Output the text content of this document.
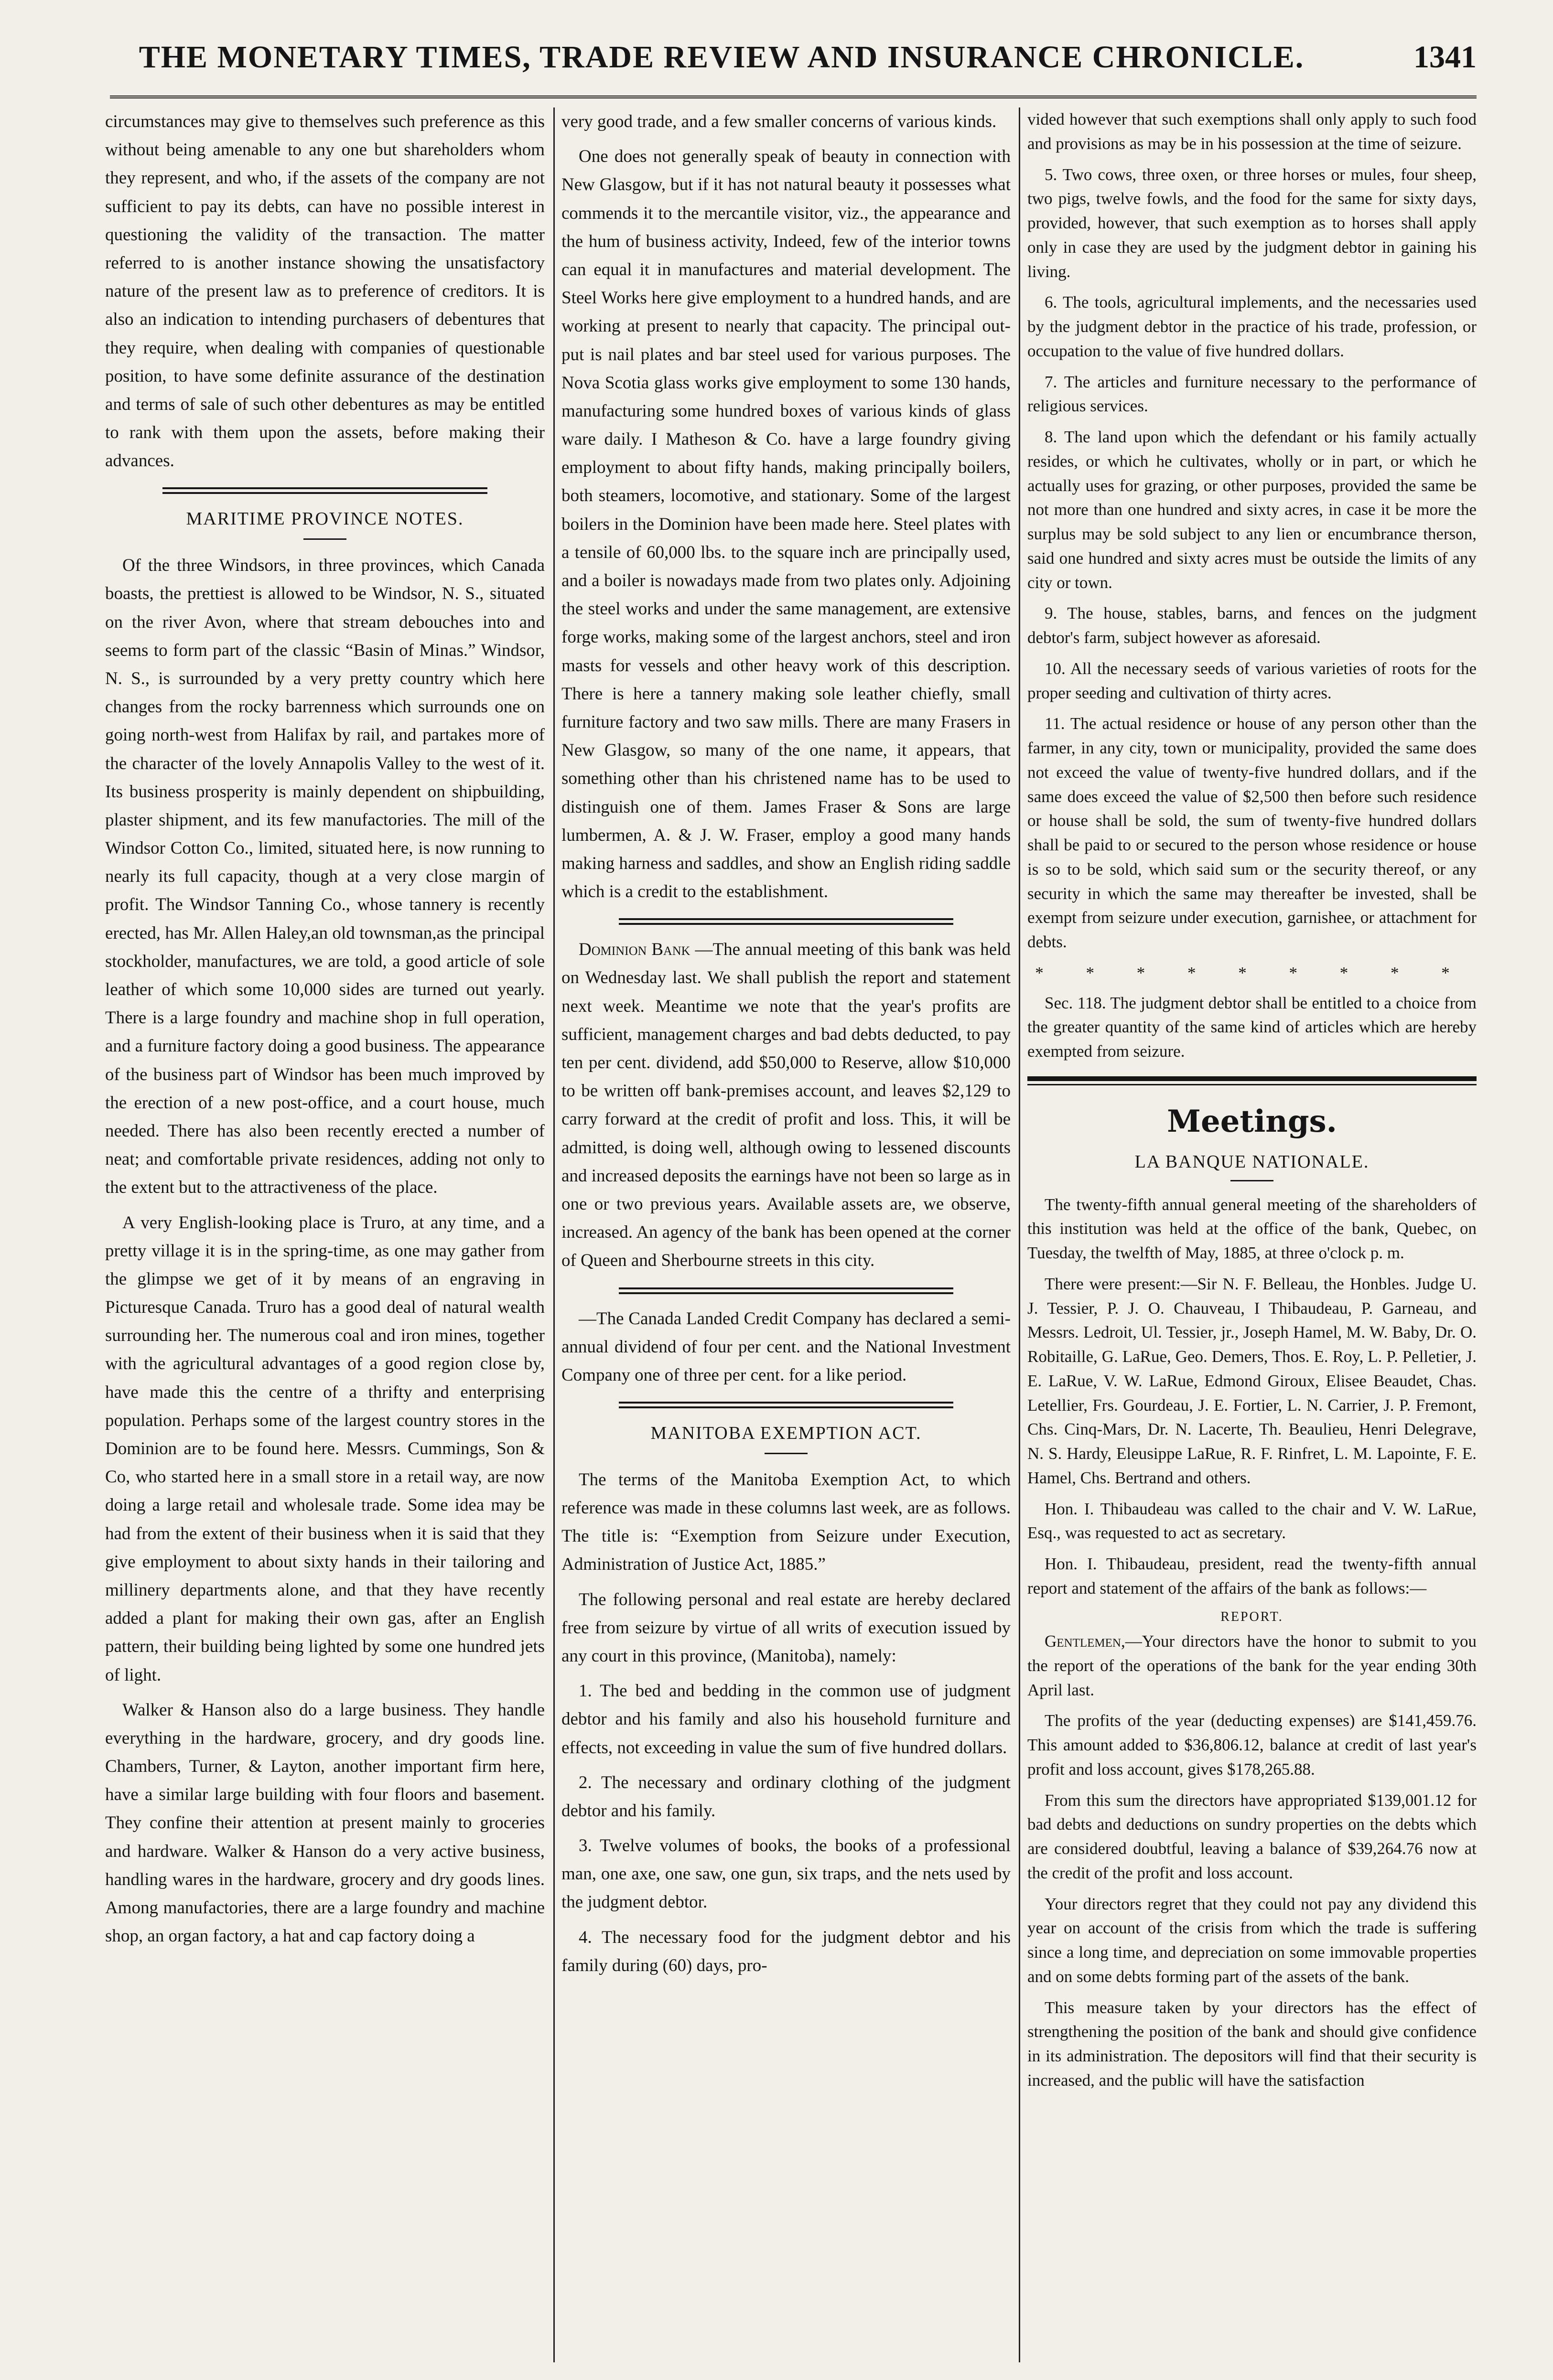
THE MONETARY TIMES, TRADE REVIEW AND INSURANCE CHRONICLE.	1341

circumstances may give to themselves such preference as this without being amenable to any one but shareholders whom they represent, and who, if the assets of the company are not sufficient to pay its debts, can have no possible interest in questioning the validity of the transaction. The matter referred to is another instance showing the unsatisfactory nature of the present law as to preference of creditors. It is also an indication to intending purchasers of debentures that they require, when dealing with companies of questionable position, to have some definite assurance of the destination and terms of sale of such other debentures as may be entitled to rank with them upon the assets, before making their advances.

MARITIME PROVINCE NOTES.

Of the three Windsors, in three provinces, which Canada boasts, the prettiest is allowed to be Windsor, N. S., situated on the river Avon, where that stream debouches into and seems to form part of the classic “Basin of Minas.” Windsor, N. S., is surrounded by a very pretty country which here changes from the rocky barrenness which surrounds one on going north-west from Halifax by rail, and partakes more of the character of the lovely Annapolis Valley to the west of it. Its business prosperity is mainly dependent on shipbuilding, plaster shipment, and its few manufactories. The mill of the Windsor Cotton Co., limited, situated here, is now running to nearly its full capacity, though at a very close margin of profit. The Windsor Tanning Co., whose tannery is recently erected, has Mr. Allen Haley,an old townsman,as the principal stockholder, manufactures, we are told, a good article of sole leather of which some 10,000 sides are turned out yearly. There is a large foundry and machine shop in full operation, and a furniture factory doing a good business. The appearance of the business part of Windsor has been much improved by the erection of a new post-office, and a court house, much needed. There has also been recently erected a number of neat; and comfortable private residences, adding not only to the extent but to the attractiveness of the place.

A very English-looking place is Truro, at any time, and a pretty village it is in the spring-time, as one may gather from the glimpse we get of it by means of an engraving in Picturesque Canada. Truro has a good deal of natural wealth surrounding her. The numerous coal and iron mines, together with the agricultural advantages of a good region close by, have made this the centre of a thrifty and enterprising population. Perhaps some of the largest country stores in the Dominion are to be found here. Messrs. Cummings, Son & Co, who started here in a small store in a retail way, are now doing a large retail and wholesale trade. Some idea may be had from the extent of their business when it is said that they give employment to about sixty hands in their tailoring and millinery departments alone, and that they have recently added a plant for making their own gas, after an English pattern, their building being lighted by some one hundred jets of light.

Walker & Hanson also do a large business. They handle everything in the hardware, grocery, and dry goods line. Chambers, Turner, & Layton, another important firm here, have a similar large building with four floors and basement. They confine their attention at present mainly to groceries and hardware. Walker & Hanson do a very active business, handling wares in the hardware, grocery and dry goods lines. Among manufactories, there are a large foundry and machine shop, an organ factory, a hat and cap factory doing a

very good trade, and a few smaller concerns of various kinds.

One does not generally speak of beauty in connection with New Glasgow, but if it has not natural beauty it possesses what commends it to the mercantile visitor, viz., the appearance and the hum of business activity, Indeed, few of the interior towns can equal it in manufactures and material development. The Steel Works here give employment to a hundred hands, and are working at present to nearly that capacity. The principal out-put is nail plates and bar steel used for various purposes. The Nova Scotia glass works give employment to some 130 hands, manufacturing some hundred boxes of various kinds of glass ware daily. I Matheson & Co. have a large foundry giving employment to about fifty hands, making principally boilers, both steamers, locomotive, and stationary. Some of the largest boilers in the Dominion have been made here. Steel plates with a tensile of 60,000 lbs. to the square inch are principally used, and a boiler is nowadays made from two plates only. Adjoining the steel works and under the same management, are extensive forge works, making some of the largest anchors, steel and iron masts for vessels and other heavy work of this description. There is here a tannery making sole leather chiefly, small furniture factory and two saw mills. There are many Frasers in New Glasgow, so many of the one name, it appears, that something other than his christened name has to be used to distinguish one of them. James Fraser & Sons are large lumbermen, A. & J. W. Fraser, employ a good many hands making harness and saddles, and show an English riding saddle which is a credit to the establishment.

Dominion Bank —The annual meeting of this bank was held on Wednesday last. We shall publish the report and statement next week. Meantime we note that the year's profits are sufficient, management charges and bad debts deducted, to pay ten per cent. dividend, add $50,000 to Reserve, allow $10,000 to be written off bank-premises account, and leaves $2,129 to carry forward at the credit of profit and loss. This, it will be admitted, is doing well, although owing to lessened discounts and increased deposits the earnings have not been so large as in one or two previous years. Available assets are, we observe, increased. An agency of the bank has been opened at the corner of Queen and Sherbourne streets in this city.

—The Canada Landed Credit Company has declared a semi-annual dividend of four per cent. and the National Investment Company one of three per cent. for a like period.

MANITOBA EXEMPTION ACT.

The terms of the Manitoba Exemption Act, to which reference was made in these columns last week, are as follows. The title is: “Exemption from Seizure under Execution, Administration of Justice Act, 1885.”

The following personal and real estate are hereby declared free from seizure by virtue of all writs of execution issued by any court in this province, (Manitoba), namely:

1. The bed and bedding in the common use of judgment debtor and his family and also his household furniture and effects, not exceeding in value the sum of five hundred dollars.

2. The necessary and ordinary clothing of the judgment debtor and his family.

3. Twelve volumes of books, the books of a professional man, one axe, one saw, one gun, six traps, and the nets used by the judgment debtor.

4. The necessary food for the judgment debtor and his family during (60) days, pro-

vided however that such exemptions shall only apply to such food and provisions as may be in his possession at the time of seizure.

5. Two cows, three oxen, or three horses or mules, four sheep, two pigs, twelve fowls, and the food for the same for sixty days, provided, however, that such exemption as to horses shall apply only in case they are used by the judgment debtor in gaining his living.

6. The tools, agricultural implements, and the necessaries used by the judgment debtor in the practice of his trade, profession, or occupation to the value of five hundred dollars.

7. The articles and furniture necessary to the performance of religious services.

8. The land upon which the defendant or his family actually resides, or which he cultivates, wholly or in part, or which he actually uses for grazing, or other purposes, provided the same be not more than one hundred and sixty acres, in case it be more the surplus may be sold subject to any lien or encumbrance therson, said one hundred and sixty acres must be outside the limits of any city or town.

9. The house, stables, barns, and fences on the judgment debtor's farm, subject however as aforesaid.

10. All the necessary seeds of various varieties of roots for the proper seeding and cultivation of thirty acres.

11. The actual residence or house of any person other than the farmer, in any city, town or municipality, provided the same does not exceed the value of twenty-five hundred dollars, and if the same does exceed the value of $2,500 then before such residence or house shall be sold, the sum of twenty-five hundred dollars shall be paid to or secured to the person whose residence or house is so to be sold, which said sum or the security thereof, or any security in which the same may thereafter be invested, shall be exempt from seizure under execution, garnishee, or attachment for debts.

* * * * * * * * *

Sec. 118. The judgment debtor shall be entitled to a choice from the greater quantity of the same kind of articles which are hereby exempted from seizure.

Meetings.
LA BANQUE NATIONALE.

The twenty-fifth annual general meeting of the shareholders of this institution was held at the office of the bank, Quebec, on Tuesday, the twelfth of May, 1885, at three o'clock p. m.

There were present:—Sir N. F. Belleau, the Honbles. Judge U. J. Tessier, P. J. O. Chauveau, I Thibaudeau, P. Garneau, and Messrs. Ledroit, Ul. Tessier, jr., Joseph Hamel, M. W. Baby, Dr. O. Robitaille, G. LaRue, Geo. Demers, Thos. E. Roy, L. P. Pelletier, J. E. LaRue, V. W. LaRue, Edmond Giroux, Elisee Beaudet, Chas. Letellier, Frs. Gourdeau, J. E. Fortier, L. N. Carrier, J. P. Fremont, Chs. Cinq-Mars, Dr. N. Lacerte, Th. Beaulieu, Henri Delegrave, N. S. Hardy, Eleusippe LaRue, R. F. Rinfret, L. M. Lapointe, F. E. Hamel, Chs. Bertrand and others.

Hon. I. Thibaudeau was called to the chair and V. W. LaRue, Esq., was requested to act as secretary.

Hon. I. Thibaudeau, president, read the twenty-fifth annual report and statement of the affairs of the bank as follows:—

REPORT.

Gentlemen,—Your directors have the honor to submit to you the report of the operations of the bank for the year ending 30th April last.

The profits of the year (deducting expenses) are $141,459.76. This amount added to $36,806.12, balance at credit of last year's profit and loss account, gives $178,265.88.

From this sum the directors have appropriated $139,001.12 for bad debts and deductions on sundry properties on the debts which are considered doubtful, leaving a balance of $39,264.76 now at the credit of the profit and loss account.

Your directors regret that they could not pay any dividend this year on account of the crisis from which the trade is suffering since a long time, and depreciation on some immovable properties and on some debts forming part of the assets of the bank.

This measure taken by your directors has the effect of strengthening the position of the bank and should give confidence in its administration. The depositors will find that their security is increased, and the public will have the satisfaction
